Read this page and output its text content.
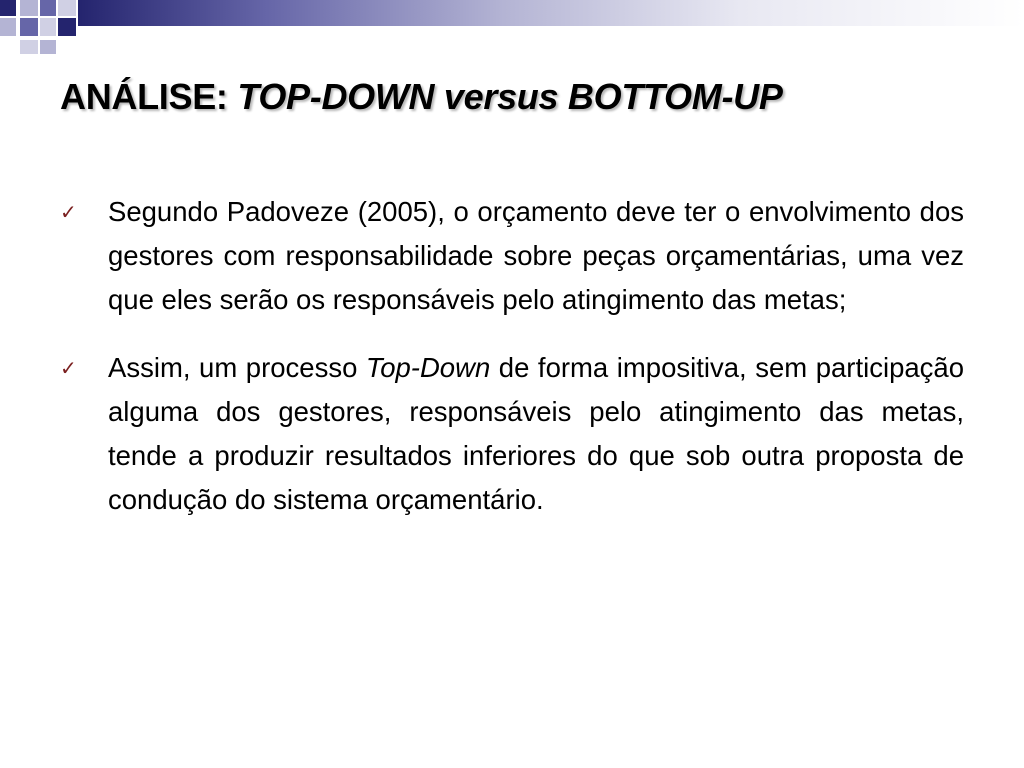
ANÁLISE: TOP-DOWN versus BOTTOM-UP
✓	Segundo Padoveze (2005), o orçamento deve ter o envolvimento dos gestores com responsabilidade sobre peças orçamentárias, uma vez que eles serão os responsáveis pelo atingimento das metas;
✓	Assim, um processo Top-Down de forma impositiva, sem participação alguma dos gestores, responsáveis pelo atingimento das metas, tende a produzir resultados inferiores do que sob outra proposta de condução do sistema orçamentário.
